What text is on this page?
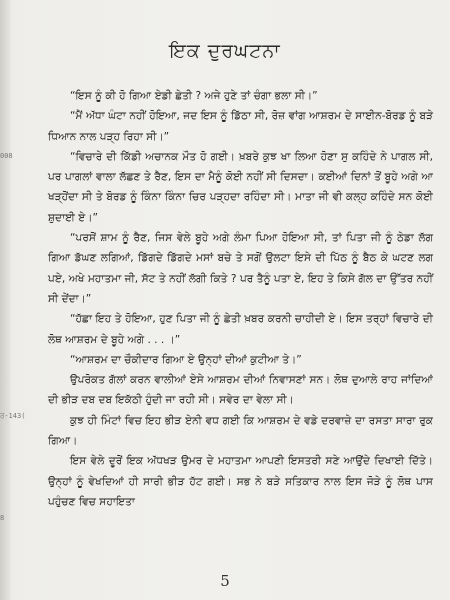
008
ਰ-143(
8
ਇਕ ਦੁਰਘਟਨਾ

“ਇਸ ਨੂੰ ਕੀ ਹੋ ਗਿਆ ਏਡੀ ਛੇਤੀ ? ਅਜੇ ਹੁਣੇ ਤਾਂ ਚੰਗਾ ਭਲਾ ਸੀ।”

“ਮੈਂ ਅੱਧਾ ਘੰਟਾ ਨਹੀਂ ਹੋਇਆ, ਜਦ ਇਸ ਨੂੰ ਡਿੱਠਾ ਸੀ, ਰੋਜ਼ ਵਾਂਗ ਆਸ਼ਰਮ ਦੇ ਸਾਈਨ-ਬੋਰਡ ਨੂੰ ਬੜੇ ਧਿਆਨ ਨਾਲ ਪੜ੍ਹ ਰਿਹਾ ਸੀ।”

“ਵਿਚਾਰੇ ਦੀ ਕਿੱਡੀ ਅਚਾਨਕ ਮੌਤ ਹੋ ਗਈ। ਖ਼ਬਰੇ ਕੁਝ ਖਾ ਲਿਆ ਹੋਣਾ ਸੁ ਕਹਿੰਦੇ ਨੇ ਪਾਗਲ ਸੀ, ਪਰ ਪਾਗਲਾਂ ਵਾਲਾ ਲੱਛਣ ਤੇ ਰੈਣ, ਇਸ ਦਾ ਮੈਨੂੰ ਕੋਈ ਨਹੀਂ ਸੀ ਦਿਸਦਾ। ਕਈਆਂ ਦਿਨਾਂ ਤੋਂ ਬੂਹੇ ਅਗੇ ਆ ਖੜ੍ਹੋਂਦਾ ਸੀ ਤੇ ਬੋਰਡ ਨੂੰ ਕਿੰਨਾ ਕਿੰਨਾ ਚਿਰ ਪੜ੍ਹਦਾ ਰਹਿੰਦਾ ਸੀ। ਮਾਤਾ ਜੀ ਵੀ ਕਲ੍ਹ ਕਹਿੰਦੇ ਸਨ ਕੋਈ ਸ਼ੁਦਾਈ ਏ।”

“ਪਰਸੋਂ ਸ਼ਾਮ ਨੂੰ ਰੈਣ, ਜਿਸ ਵੇਲੇ ਬੂਹੇ ਅਗੇ ਲੰਮਾ ਪਿਆ ਹੋਇਆ ਸੀ, ਤਾਂ ਪਿਤਾ ਜੀ ਨੂੰ ਠੇਡਾ ਲੱਗ ਗਿਆ ਡੱਘਣ ਲਗਿਆਂ, ਡਿੱਗਦੇ ਡਿੱਗਦੇ ਮਸਾਂ ਬਚੇ ਤੇ ਸਗੋਂ ਉਲਟਾ ਇਸੇ ਦੀ ਪਿੱਠ ਨੂੰ ਬੈਠ ਕੇ ਘਟਣ ਲਗ ਪਏ, ਅਖੇ ਮਹਾਤਮਾ ਜੀ, ਸੱਟ ਤੇ ਨਹੀਂ ਲੱਗੀ ਕਿਤੇ ? ਪਰ ਤੈਨੂੰ ਪਤਾ ਏ, ਇਹ ਤੇ ਕਿਸੇ ਗੱਲ ਦਾ ਉੱਤਰ ਨਹੀਂ ਸੀ ਦੇਂਦਾ।”

“ਹੱਛਾ ਇਹ ਤੇ ਹੋਇਆ, ਹੁਣ ਪਿਤਾ ਜੀ ਨੂੰ ਛੇਤੀ ਖ਼ਬਰ ਕਰਨੀ ਚਾਹੀਦੀ ਏ। ਇਸ ਤਰ੍ਹਾਂ ਵਿਚਾਰੇ ਦੀ ਲੋਥ ਆਸ਼ਰਮ ਦੇ ਬੂਹੇ ਅਗੇ . . . ।”

“ਆਸ਼ਰਮ ਦਾ ਚੌਕੀਦਾਰ ਗਿਆ ਏ ਉਨ੍ਹਾਂ ਦੀਆਂ ਕੁਟੀਆ ਤੇ।”

ਉਪਰੋਕਤ ਗੱਲਾਂ ਕਰਨ ਵਾਲੀਆਂ ਏਸੇ ਆਸ਼ਰਮ ਦੀਆਂ ਨਿਵਾਸਣਾਂ ਸਨ। ਲੋਥ ਦੁਆਲੇ ਰਾਹ ਜਾਂਦਿਆਂ ਦੀ ਭੀੜ ਦਬ ਦਬ ਇਕੱਠੀ ਹੁੰਦੀ ਜਾ ਰਹੀ ਸੀ। ਸਵੇਰ ਦਾ ਵੇਲਾ ਸੀ।

ਕੁਝ ਹੀ ਮਿੰਟਾਂ ਵਿਚ ਇਹ ਭੀੜ ਏਨੀ ਵਧ ਗਈ ਕਿ ਆਸ਼ਰਮ ਦੇ ਵਡੇ ਦਰਵਾਜ਼ੇ ਦਾ ਰਸਤਾ ਸਾਰਾ ਰੁਕ ਗਿਆ।

ਇਸ ਵੇਲੇ ਦੂਰੋਂ ਇਕ ਅੱਧਖੜ ਉਮਰ ਦੇ ਮਹਾਤਮਾ ਆਪਣੀ ਇਸਤਰੀ ਸਣੇ ਆਉਂਦੇ ਦਿਖਾਈ ਦਿੱਤੇ। ਉਨ੍ਹਾਂ ਨੂੰ ਵੇਖਦਿਆਂ ਹੀ ਸਾਰੀ ਭੀੜ ਹੱਟ ਗਈ। ਸਭ ਨੇ ਬੜੇ ਸਤਿਕਾਰ ਨਾਲ ਇਸ ਜੋੜੇ ਨੂੰ ਲੋਥ ਪਾਸ ਪਹੁੰਚਣ ਵਿਚ ਸਹਾਇਤਾ

5
